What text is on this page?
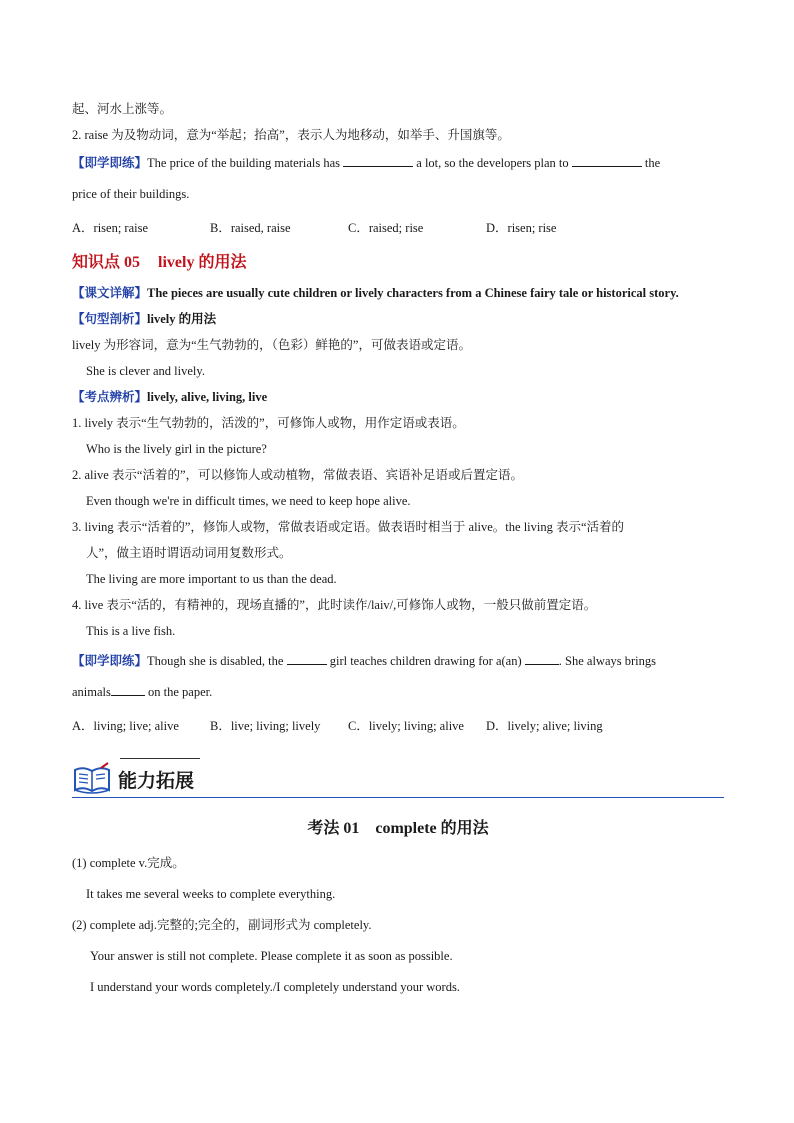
起、河水上涨等。
2. raise 为及物动词，意为“举起；抬高”，表示人为地移动，如举手、升国旗等。
【即学即练】The price of the building materials has	a lot, so the developers plan to	the
price of their buildings.
A．risen; raise	B．raised, raise	C．raised; rise	D．risen; rise
知识点 05 lively 的用法
【课文详解】The pieces are usually cute children or lively characters from a Chinese fairy tale or historical story.
【句型剖析】lively 的用法
lively 为形容词，意为“生气勃勃的，（色彩）鲜艳的”，可做表语或定语。
She is clever and lively.
【考点辨析】lively, alive, living, live
1. lively 表示“生气勃勃的，活泼的”，可修饰人或物，用作定语或表语。
Who is the lively girl in the picture?
2. alive 表示“活着的”，可以修饰人或动植物，常做表语、宾语补足语或后置定语。
Even though we're in difficult times, we need to keep hope alive.
3. living 表示“活着的”，修饰人或物，常做表语或定语。做表语时相当于 alive。the living 表示“活着的
人”，做主语时谓语动词用复数形式。
The living are more important to us than the dead.
4. live 表示“活的，有精神的，现场直播的”，此时读作/laiv/,可修饰人或物，一般只做前置定语。
This is a live fish.
【即学即练】Though she is disabled, the	girl teaches children drawing for a(an)	. She always brings
animals	on the paper.
A．living; live; alive	B．live; living; lively	C．lively; living; alive	D．lively; alive; living
能力拓展
考法 01 complete 的用法
(1) complete v.完成。
It takes me several weeks to complete everything.
(2) complete adj.完整的;完全的，副词形式为 completely.
Your answer is still not complete. Please complete it as soon as possible.
I understand your words completely./I completely understand your words.
